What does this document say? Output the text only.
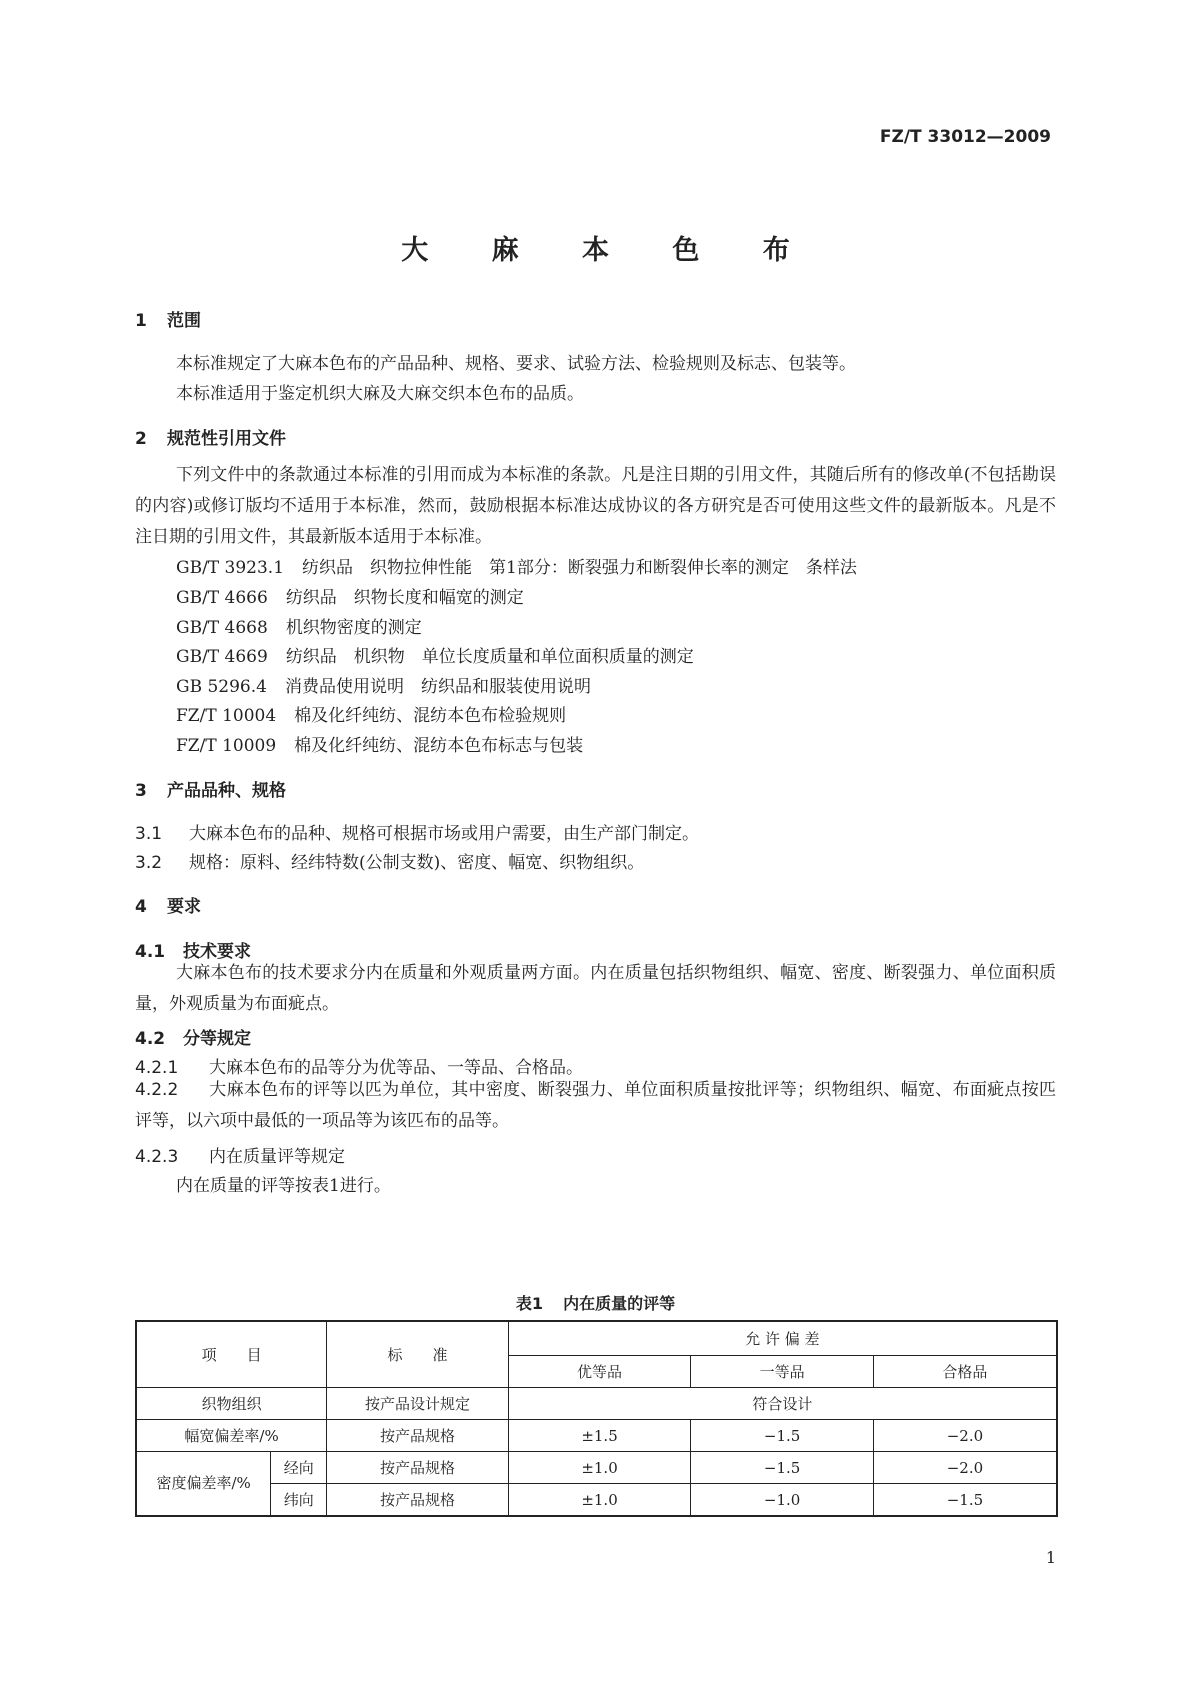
FZ/T 33012—2009
大 麻 本 色 布
1 范围
本标准规定了大麻本色布的产品品种、规格、要求、试验方法、检验规则及标志、包装等。
本标准适用于鉴定机织大麻及大麻交织本色布的品质。
2 规范性引用文件
下列文件中的条款通过本标准的引用而成为本标准的条款。凡是注日期的引用文件，其随后所有的修改单(不包括勘误的内容)或修订版均不适用于本标准，然而，鼓励根据本标准达成协议的各方研究是否可使用这些文件的最新版本。凡是不注日期的引用文件，其最新版本适用于本标准。
GB/T 3923.1 纺织品　织物拉伸性能　第1部分：断裂强力和断裂伸长率的测定　条样法
GB/T 4666 纺织品　织物长度和幅宽的测定
GB/T 4668 机织物密度的测定
GB/T 4669 纺织品　机织物　单位长度质量和单位面积质量的测定
GB 5296.4 消费品使用说明　纺织品和服装使用说明
FZ/T 10004 棉及化纤纯纺、混纺本色布检验规则
FZ/T 10009 棉及化纤纯纺、混纺本色布标志与包装
3 产品品种、规格
3.1 大麻本色布的品种、规格可根据市场或用户需要，由生产部门制定。
3.2 规格：原料、经纬特数(公制支数)、密度、幅宽、织物组织。
4 要求
4.1 技术要求
大麻本色布的技术要求分内在质量和外观质量两方面。内在质量包括织物组织、幅宽、密度、断裂强力、单位面积质量，外观质量为布面疵点。
4.2 分等规定
4.2.1 大麻本色布的品等分为优等品、一等品、合格品。
4.2.2 大麻本色布的评等以匹为单位，其中密度、断裂强力、单位面积质量按批评等；织物组织、幅宽、布面疵点按匹评等，以六项中最低的一项品等为该匹布的品等。
4.2.3 内在质量评等规定
内在质量的评等按表1进行。
表1 内在质量的评等
项　　目		标　　准	允 许 偏 差		
			优等品	一等品	合格品
织物组织		按产品设计规定	符合设计		
幅宽偏差率/%		按产品规格	±1.5	−1.5	−2.0
密度偏差率/%	经向	按产品规格	±1.0	−1.5	−2.0
	纬向	按产品规格	±1.0	−1.0	−1.5
1
